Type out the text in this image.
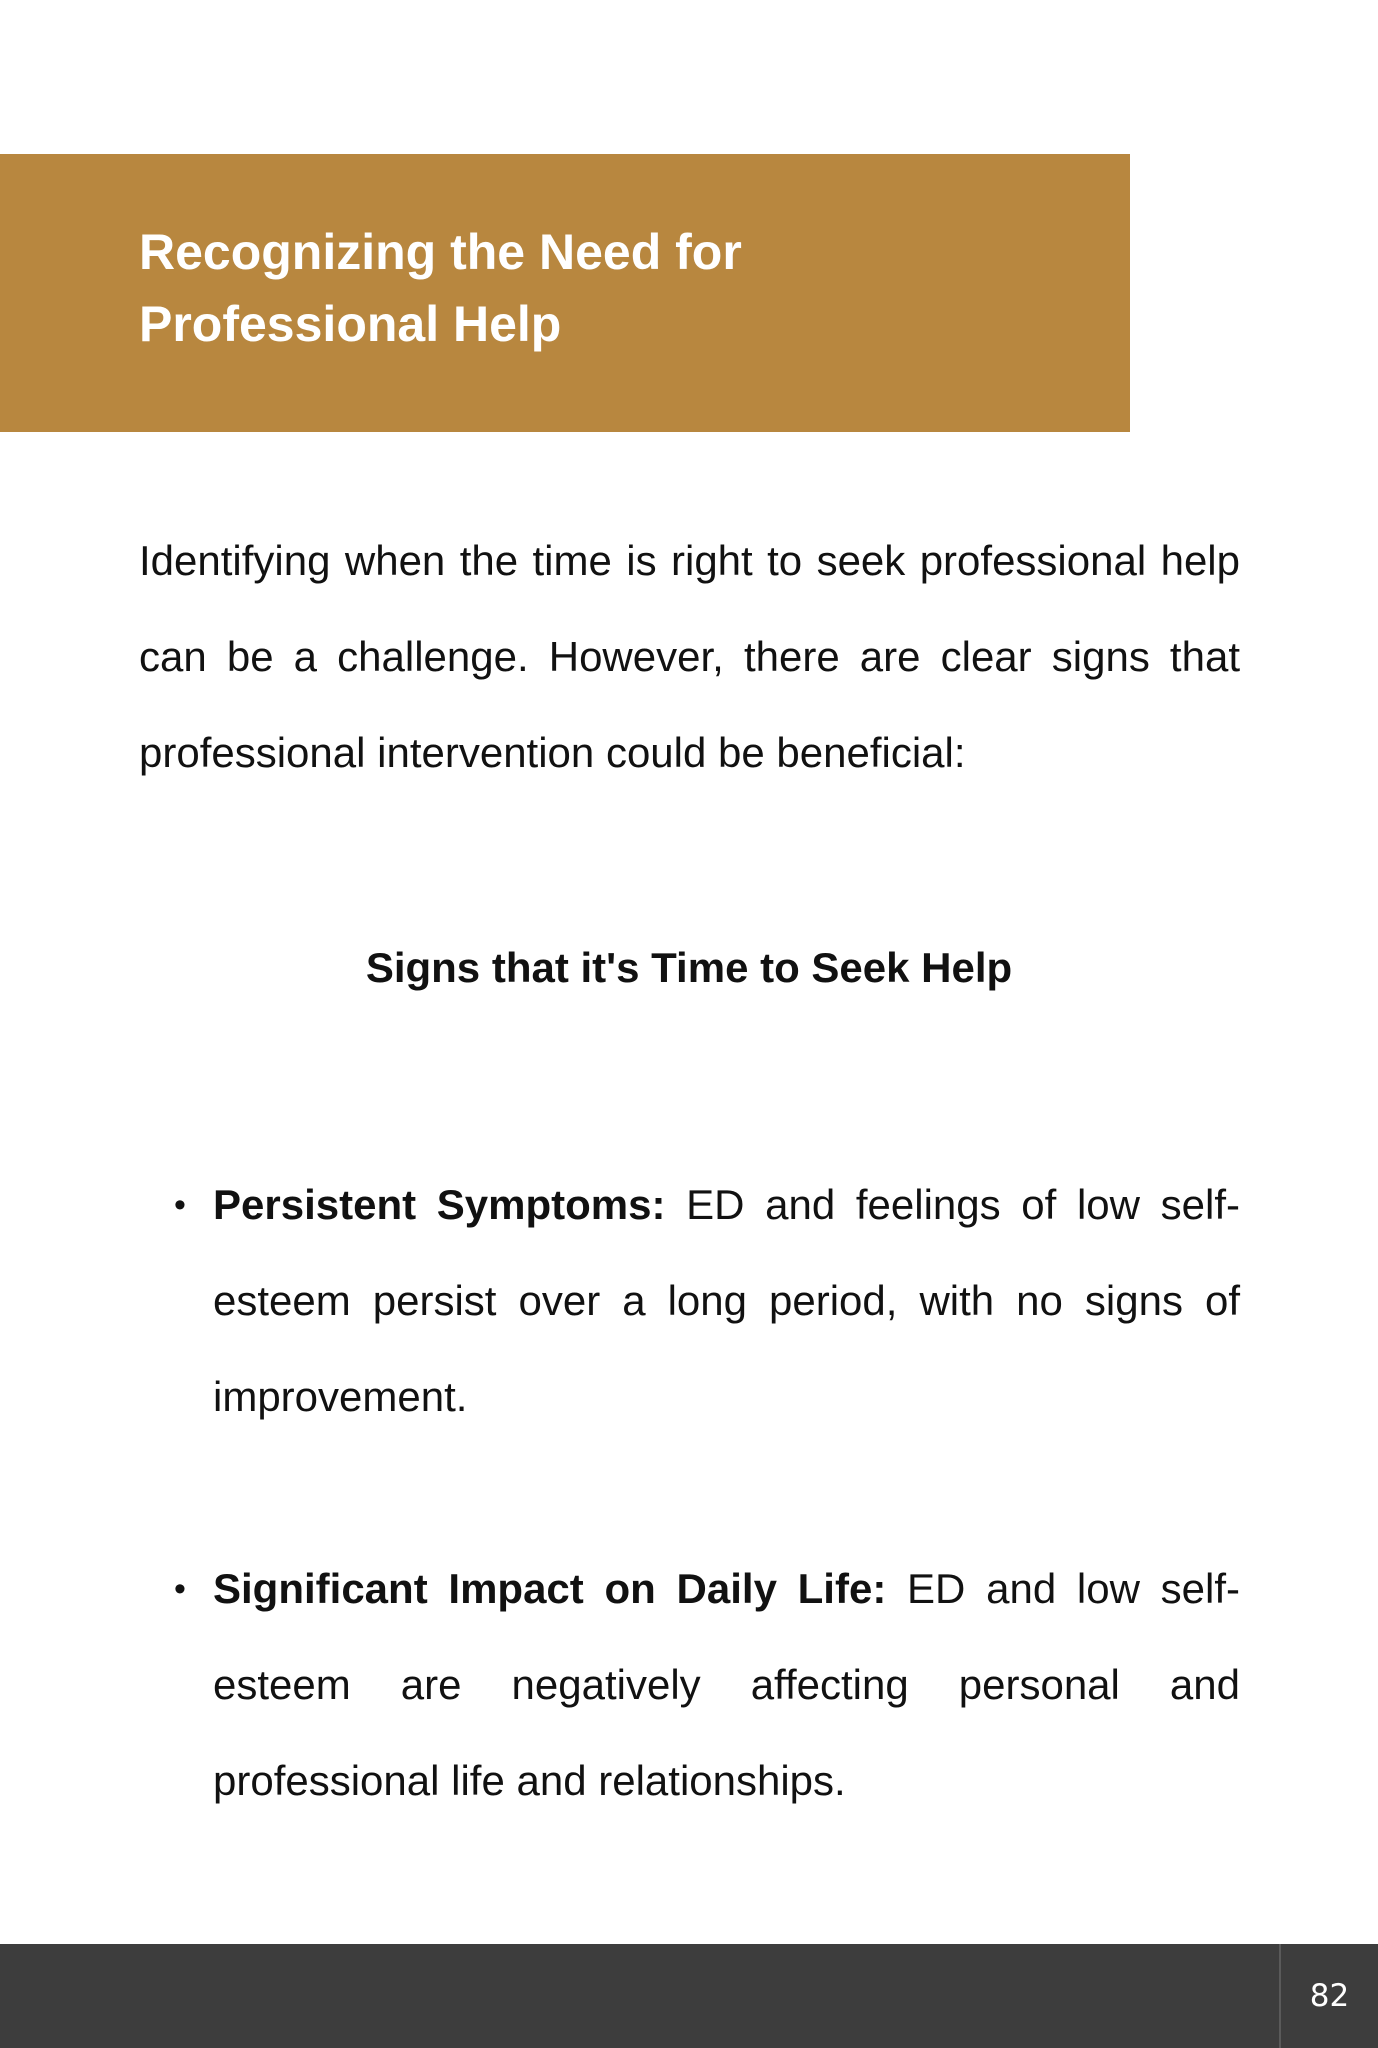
Recognizing the Need for
Professional Help

Identifying when the time is right to seek professional help can be a challenge. However, there are clear signs that professional intervention could be beneficial:

Signs that it's Time to Seek Help
• Persistent Symptoms: ED and feelings of low self-esteem persist over a long period, with no signs of improvement.

• Significant Impact on Daily Life: ED and low self-esteem are negatively affecting personal and professional life and relationships.

82
